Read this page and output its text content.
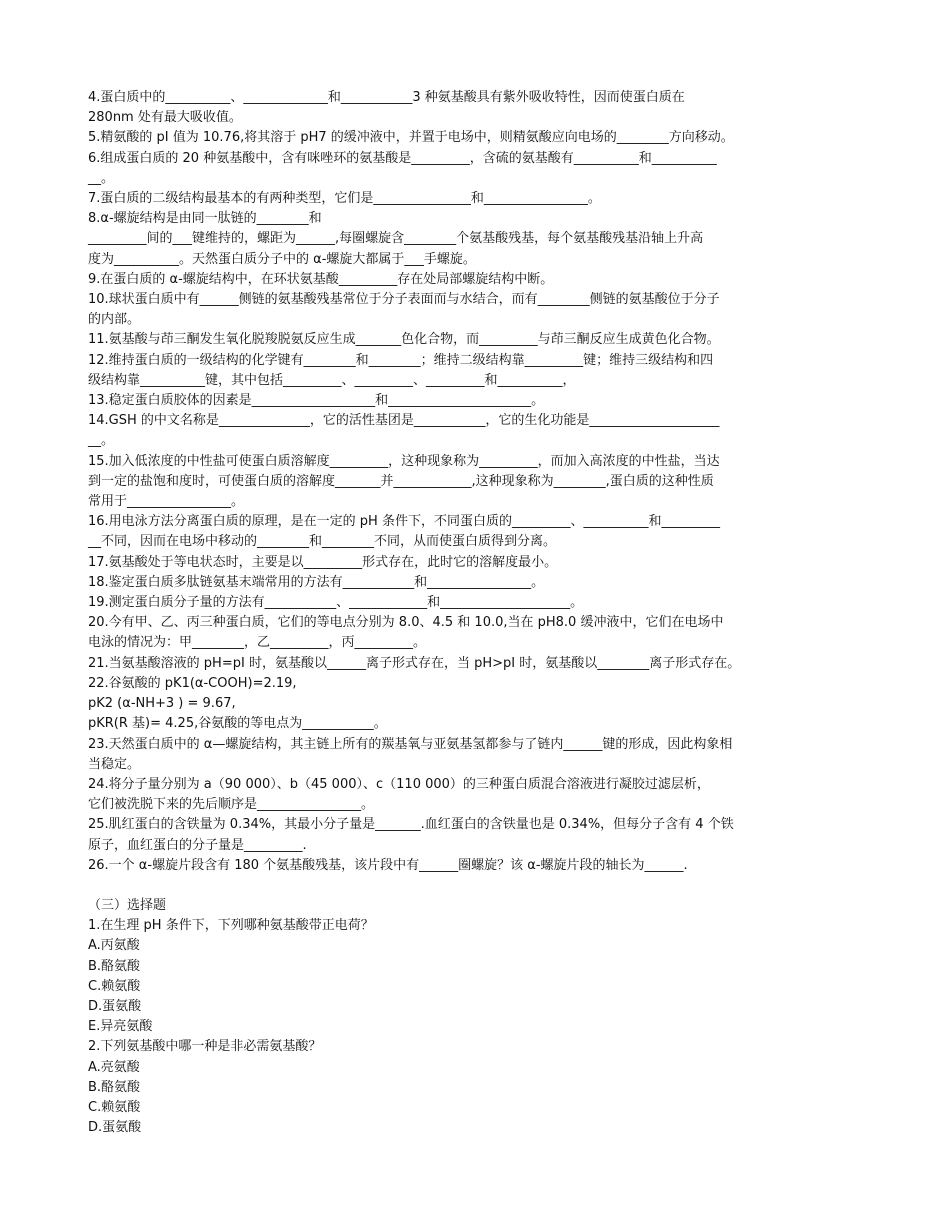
4.蛋白质中的__________、_____________和___________3 种氨基酸具有紫外吸收特性，因而使蛋白质在
280nm 处有最大吸收值。
5.精氨酸的 pI 值为 10.76,将其溶于 pH7 的缓冲液中，并置于电场中，则精氨酸应向电场的________方向移动。
6.组成蛋白质的 20 种氨基酸中，含有咪唑环的氨基酸是_________，含硫的氨基酸有__________和__________
__。
7.蛋白质的二级结构最基本的有两种类型，它们是_______________和________________。
8.α-螺旋结构是由同一肽链的________和
_________间的___键维持的，螺距为______,每圈螺旋含________个氨基酸残基，每个氨基酸残基沿轴上升高
度为__________。天然蛋白质分子中的 α-螺旋大都属于___手螺旋。
9.在蛋白质的 α-螺旋结构中，在环状氨基酸_________存在处局部螺旋结构中断。
10.球状蛋白质中有______侧链的氨基酸残基常位于分子表面而与水结合，而有________侧链的氨基酸位于分子
的内部。
11.氨基酸与茚三酮发生氧化脱羧脱氨反应生成_______色化合物，而_________与茚三酮反应生成黄色化合物。
12.维持蛋白质的一级结构的化学键有________和________；维持二级结构靠_________键；维持三级结构和四
级结构靠__________键，其中包括_________、_________、_________和__________，
13.稳定蛋白质胶体的因素是___________________和______________________。
14.GSH 的中文名称是______________，它的活性基团是___________，它的生化功能是____________________
__。
15.加入低浓度的中性盐可使蛋白质溶解度_________，这种现象称为_________，而加入高浓度的中性盐，当达
到一定的盐饱和度时，可使蛋白质的溶解度_______并____________,这种现象称为________,蛋白质的这种性质
常用于________________。
16.用电泳方法分离蛋白质的原理，是在一定的 pH 条件下，不同蛋白质的_________、__________和_________
__不同，因而在电场中移动的________和________不同，从而使蛋白质得到分离。
17.氨基酸处于等电状态时，主要是以_________形式存在，此时它的溶解度最小。
18.鉴定蛋白质多肽链氨基末端常用的方法有___________和________________。
19.测定蛋白质分子量的方法有___________、____________和____________________。
20.今有甲、乙、丙三种蛋白质，它们的等电点分别为 8.0、4.5 和 10.0,当在 pH8.0 缓冲液中，它们在电场中
电泳的情况为：甲________，乙_________，丙_________。
21.当氨基酸溶液的 pH=pI 时，氨基酸以______离子形式存在，当 pH>pI 时，氨基酸以________离子形式存在。
22.谷氨酸的 pK1(α-COOH)=2.19,
pK2 (α-NH+3 ) = 9.67,
pKR(R 基)= 4.25,谷氨酸的等电点为___________。
23.天然蛋白质中的 α—螺旋结构，其主链上所有的羰基氧与亚氨基氢都参与了链内______键的形成，因此构象相
当稳定。
24.将分子量分别为 a（90 000）、b（45 000）、c（110 000）的三种蛋白质混合溶液进行凝胶过滤层析，
它们被洗脱下来的先后顺序是________________。
25.肌红蛋白的含铁量为 0.34%，其最小分子量是_______.血红蛋白的含铁量也是 0.34%，但每分子含有 4 个铁
原子，血红蛋白的分子量是_________.
26.一个 α-螺旋片段含有 180 个氨基酸残基，该片段中有______圈螺旋？该 α-螺旋片段的轴长为______.
（三）选择题
1.在生理 pH 条件下，下列哪种氨基酸带正电荷？
A.丙氨酸
B.酪氨酸
C.赖氨酸
D.蛋氨酸
E.异亮氨酸
2.下列氨基酸中哪一种是非必需氨基酸？
A.亮氨酸
B.酪氨酸
C.赖氨酸
D.蛋氨酸
